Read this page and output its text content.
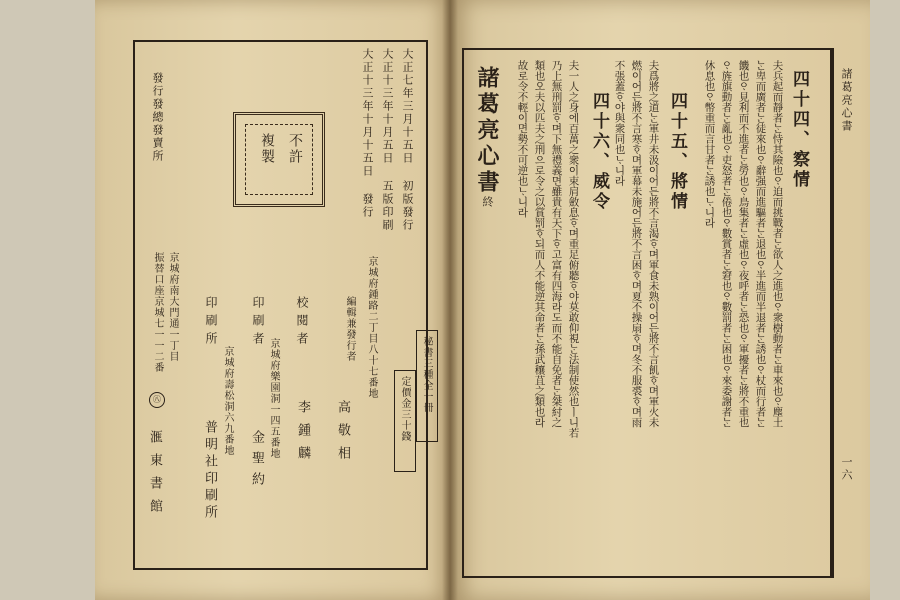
大正七年三月十五日 初版發行
大正十三年十月五日 五版印刷
大正十三年十月十五日 發行
不許
複製
發行發總發賣所
京城府南大門通一丁目
振替口座京城七一一二番
㊇
滙東書館
秘書三種全一冊
定價金三十錢
京城府鍾路二丁目八十七番地
編輯兼發行者
高敬相
校閱者
李鍾麟
京城府樂園洞一四五番地
印刷者
金聖約
京城府壽松洞六九番地
印刷所
普明社印刷所
諸葛亮心書
一六
四十四、察情
夫兵起而靜者ᄂᆞᆫ恃其險也ᄋᆞ迫而挑戰者ᄂᆞᆫ欲人之進也ᄋᆞ衆樹動者ᄂᆞᆫ車來也ᄋᆞ塵土
ᄂᆞᆫ卑而廣者ᄂᆞᆫ徒來也ᄋᆞ辭强而進驅者ᄂᆞᆫ退也ᄋᆞ半進而半退者ᄂᆞᆫ誘也ᄋᆞ杖而行者ᄂᆞᆫ
饑也ᄋᆞ見利而不進者ᄂᆞᆫ勞也ᄋᆞ鳥集者ᄂᆞᆫ虛也ᄋᆞ夜呼者ᄂᆞᆫ恐也ᄋᆞ軍擾者ᄂᆞᆫ將不重也
ᄋᆞ旌旗動者ᄂᆞᆫ亂也ᄋᆞ吏怒者ᄂᆞᆫ倦也ᄋᆞ數賞者ᄂᆞᆫ窘也ᄋᆞ數罰者ᄂᆞᆫ困也ᄋᆞ來委謝者ᄂᆞᆫ
休息也ᄋᆞ幣重而言甘者ᄂᆞᆫ誘也ᄂᆞ니라
四十五、將情
夫爲將之道ᄂᆞᆫ軍井未汲이어든將不言渴ᄒᆞ며軍食未熟이어든將不言飢ᄒᆞ며軍火未
燃이어든將不言寒ᄒᆞ며軍幕未施어든將不言困ᄒᆞ며夏不操扇ᄒᆞ며冬不服裘ᄒᆞ며雨
不張蓋ᄒᆞ야與衆同也ᄂᆞ니라
四十六、威令
夫一人之身에百萬之衆이束肩斂息ᄒᆞ며重足俯聽ᄒᆞ야莫敢仰視ᄂᆞᆫ法制使然也ㅣ니若
乃上無刑罰ᄒᆞ며下無禮義면雖貴有天下ᄒᆞ고富有四海라도而不能自免者ᄂᆞᆫ桀紂之
類也오夫以匹夫之刑으로令之以賞罰ᄒᆞ되而人不能逆其命者ᄂᆞᆫ孫武穰苴之類也라
故로令不輕이면勢不可逆也ᄂᆞ니라
諸葛亮心書
終
